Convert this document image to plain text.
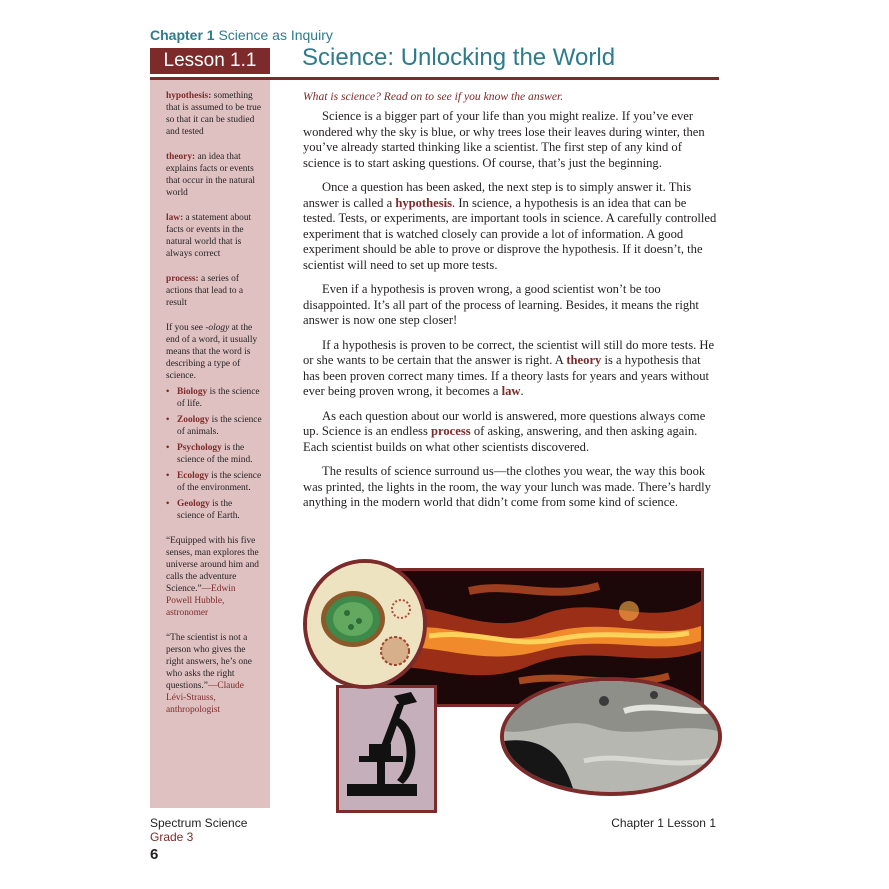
Chapter 1 Science as Inquiry
Lesson 1.1	Science: Unlocking the World

hypothesis: something that is assumed to be true so that it can be studied and tested

theory: an idea that explains facts or events that occur in the natural world

law: a statement about facts or events in the natural world that is always correct

process: a series of actions that lead to a result

If you see -ology at the end of a word, it usually means that the word is describing a type of science.

• Biology is the science of life.
• Zoology is the science of animals.
• Psychology is the science of the mind.
• Ecology is the science of the environment.
• Geology is the science of Earth.

“Equipped with his five senses, man explores the universe around him and calls the adventure Science.”—Edwin Powell Hubble, astronomer

“The scientist is not a person who gives the right answers, he’s one who asks the right questions.”—Claude Lévi-Strauss, anthropologist

What is science? Read on to see if you know the answer.

Science is a bigger part of your life than you might realize. If you’ve ever wondered why the sky is blue, or why trees lose their leaves during winter, then you’ve already started thinking like a scientist. The first step of any kind of science is to start asking questions. Of course, that’s just the beginning.

Once a question has been asked, the next step is to simply answer it. This answer is called a hypothesis. In science, a hypothesis is an idea that can be tested. Tests, or experiments, are important tools in science. A carefully controlled experiment that is watched closely can provide a lot of information. A good experiment should be able to prove or disprove the hypothesis. If it doesn’t, the scientist will need to set up more tests.

Even if a hypothesis is proven wrong, a good scientist won’t be too disappointed. It’s all part of the process of learning. Besides, it means the right answer is now one step closer!

If a hypothesis is proven to be correct, the scientist will still do more tests. He or she wants to be certain that the answer is right. A theory is a hypothesis that has been proven correct many times. If a theory lasts for years and years without ever being proven wrong, it becomes a law.

As each question about our world is answered, more questions always come up. Science is an endless process of asking, answering, and then asking again. Each scientist builds on what other scientists discovered.

The results of science surround us—the clothes you wear, the way this book was printed, the lights in the room, the way your lunch was made. There’s hardly anything in the modern world that didn’t come from some kind of science.

Spectrum Science
Grade 3
6
Chapter 1 Lesson 1
